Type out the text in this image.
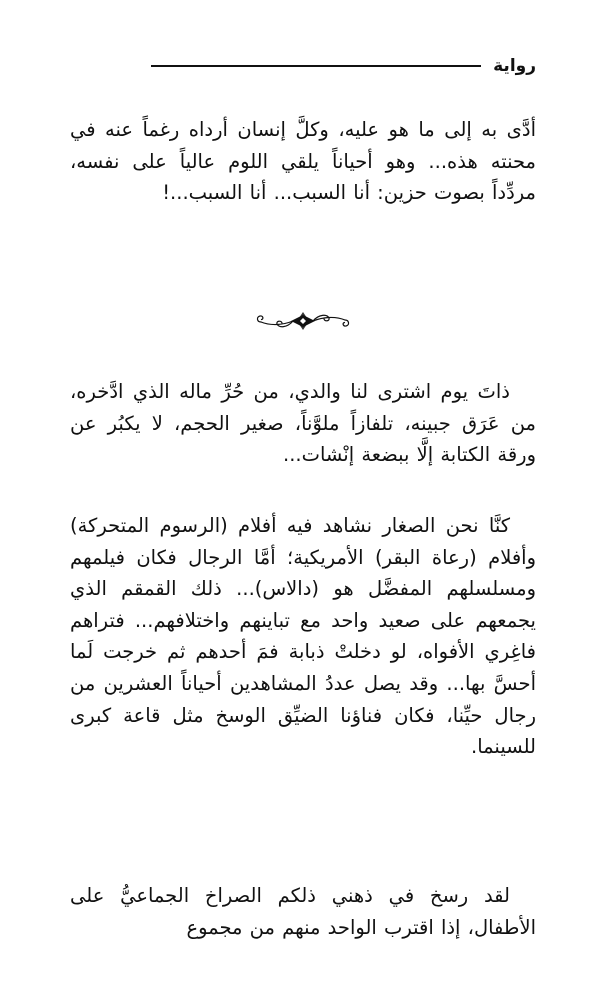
رواية

أدَّى به إلى ما هو عليه، وكلَّ إنسان أرداه رغماً عنه في محنته هذه... وهو أحياناً يلقي اللوم عالياً على نفسه، مردِّداً بصوت حزين: أنا السبب... أنا السبب...!

ذاتَ يوم اشترى لنا والدي، من حُرِّ ماله الذي ادَّخره، من عَرَق جبينه، تلفازاً ملوَّناً، صغير الحجم، لا يكبُر عن ورقة الكتابة إلَّا ببضعة إنْشات...

كنَّا نحن الصغار نشاهد فيه أفلام (الرسوم المتحركة) وأفلام (رعاة البقر) الأمريكية؛ أمَّا الرجال فكان فيلمهم ومسلسلهم المفضَّل هو (دالاس)... ذلك القمقم الذي يجمعهم على صعيد واحد مع تباينهم واختلافهم... فتراهم فاغِري الأفواه، لو دخلتْ ذبابة فمَ أحدهم ثم خرجت لَما أحسَّ بها... وقد يصل عددُ المشاهدين أحياناً العشرين من رجال حيِّنا، فكان فناؤنا الضيِّق الوسخ مثل قاعة كبرى للسينما.

لقد رسخ في ذهني ذلكم الصراخ الجماعيُّ على الأطفال، إذا اقترب الواحد منهم من مجموع
